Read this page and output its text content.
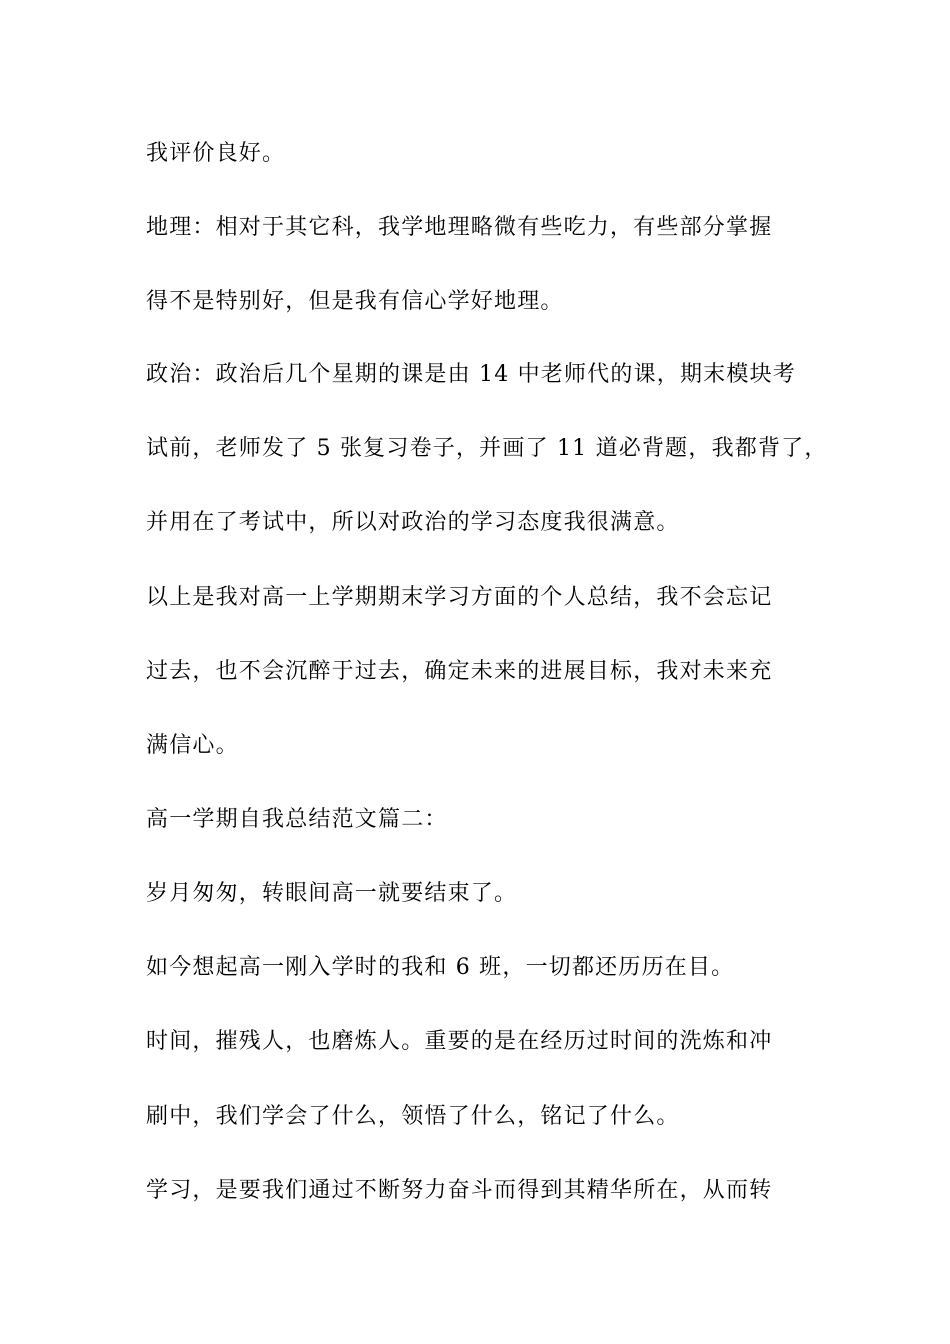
我评价良好。
地理：相对于其它科，我学地理略微有些吃力，有些部分掌握
得不是特别好，但是我有信心学好地理。
政治：政治后几个星期的课是由 14 中老师代的课，期末模块考
试前，老师发了 5 张复习卷子，并画了 11 道必背题，我都背了，
并用在了考试中，所以对政治的学习态度我很满意。
以上是我对高一上学期期末学习方面的个人总结，我不会忘记
过去，也不会沉醉于过去，确定未来的进展目标，我对未来充
满信心。
高一学期自我总结范文篇二：
岁月匆匆，转眼间高一就要结束了。
如今想起高一刚入学时的我和 6 班，一切都还历历在目。
时间，摧残人，也磨炼人。重要的是在经历过时间的洗炼和冲
刷中，我们学会了什么，领悟了什么，铭记了什么。
学习，是要我们通过不断努力奋斗而得到其精华所在，从而转
